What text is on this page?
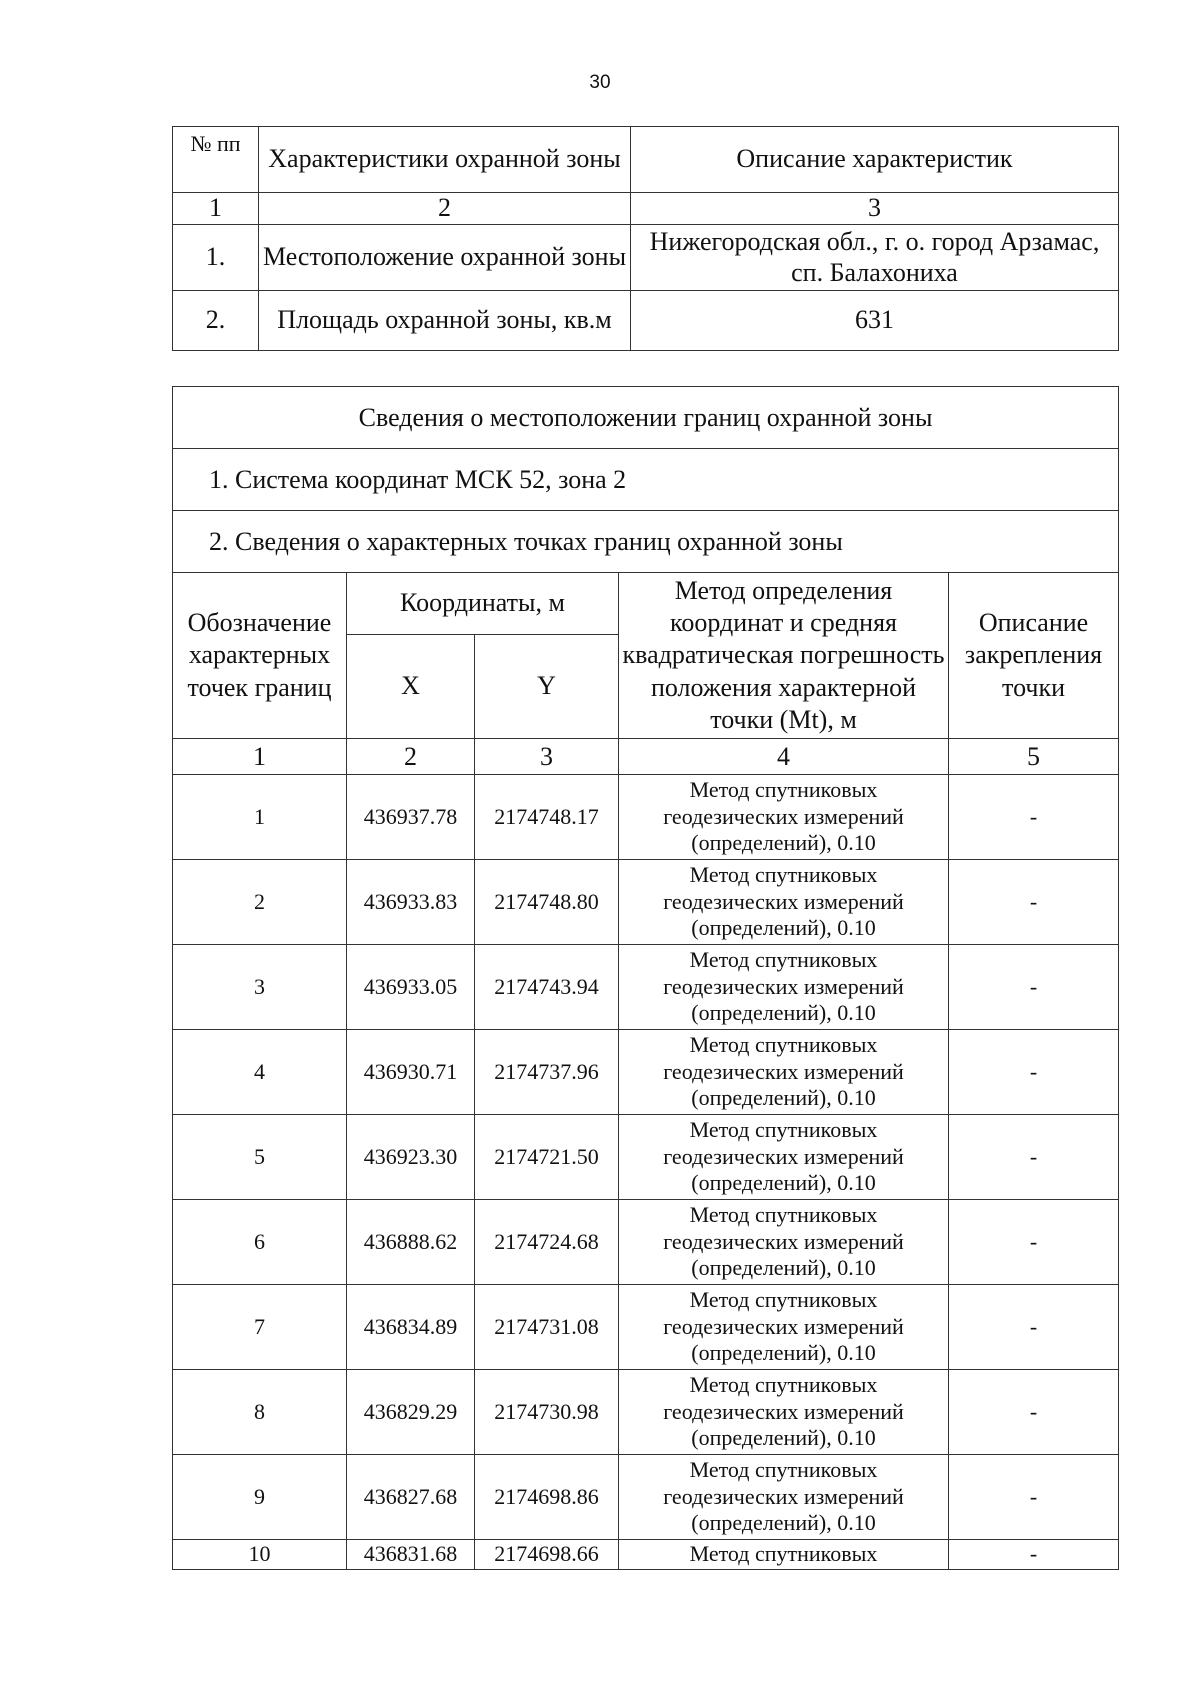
30
№ пп	Характеристики охранной зоны	Описание характеристик
1	2	3
1.	Местоположение охранной зоны	Нижегородская обл., г. о. город Арзамас, сп. Балахониха
2.	Площадь охранной зоны, кв.м	631
Сведения о местоположении границ охранной зоны				
1. Система координат МСК 52, зона 2				
2. Сведения о характерных точках границ охранной зоны				
Обозначение характерных точек границ	Координаты, м		Метод определения координат и средняя квадратическая погрешность положения характерной точки (Mt), м	Описание закрепления точки
	X	Y		
1	2	3	4	5
1	436937.78	2174748.17	Метод спутниковых геодезических измерений (определений), 0.10	-
2	436933.83	2174748.80	Метод спутниковых геодезических измерений (определений), 0.10	-
3	436933.05	2174743.94	Метод спутниковых геодезических измерений (определений), 0.10	-
4	436930.71	2174737.96	Метод спутниковых геодезических измерений (определений), 0.10	-
5	436923.30	2174721.50	Метод спутниковых геодезических измерений (определений), 0.10	-
6	436888.62	2174724.68	Метод спутниковых геодезических измерений (определений), 0.10	-
7	436834.89	2174731.08	Метод спутниковых геодезических измерений (определений), 0.10	-
8	436829.29	2174730.98	Метод спутниковых геодезических измерений (определений), 0.10	-
9	436827.68	2174698.86	Метод спутниковых геодезических измерений (определений), 0.10	-
10	436831.68	2174698.66	Метод спутниковых	-
